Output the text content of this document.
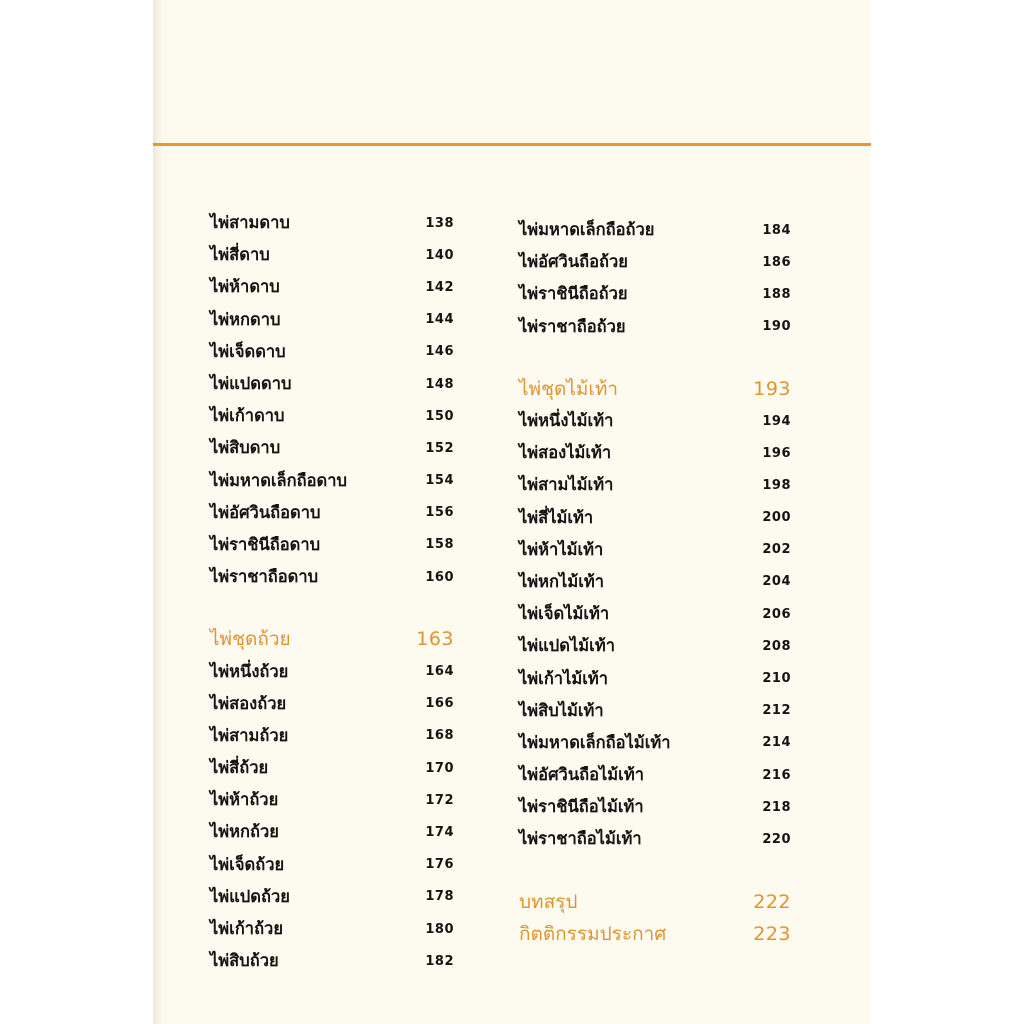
ไพ่สามดาบ	138
ไพ่สี่ดาบ	140
ไพ่ห้าดาบ	142
ไพ่หกดาบ	144
ไพ่เจ็ดดาบ	146
ไพ่แปดดาบ	148
ไพ่เก้าดาบ	150
ไพ่สิบดาบ	152
ไพ่มหาดเล็กถือดาบ	154
ไพ่อัศวินถือดาบ	156
ไพ่ราชินีถือดาบ	158
ไพ่ราชาถือดาบ	160
ไพ่ชุดถ้วย	163
ไพ่หนึ่งถ้วย	164
ไพ่สองถ้วย	166
ไพ่สามถ้วย	168
ไพ่สี่ถ้วย	170
ไพ่ห้าถ้วย	172
ไพ่หกถ้วย	174
ไพ่เจ็ดถ้วย	176
ไพ่แปดถ้วย	178
ไพ่เก้าถ้วย	180
ไพ่สิบถ้วย	182
ไพ่มหาดเล็กถือถ้วย	184
ไพ่อัศวินถือถ้วย	186
ไพ่ราชินีถือถ้วย	188
ไพ่ราชาถือถ้วย	190
ไพ่ชุดไม้เท้า	193
ไพ่หนึ่งไม้เท้า	194
ไพ่สองไม้เท้า	196
ไพ่สามไม้เท้า	198
ไพ่สี่ไม้เท้า	200
ไพ่ห้าไม้เท้า	202
ไพ่หกไม้เท้า	204
ไพ่เจ็ดไม้เท้า	206
ไพ่แปดไม้เท้า	208
ไพ่เก้าไม้เท้า	210
ไพ่สิบไม้เท้า	212
ไพ่มหาดเล็กถือไม้เท้า	214
ไพ่อัศวินถือไม้เท้า	216
ไพ่ราชินีถือไม้เท้า	218
ไพ่ราชาถือไม้เท้า	220
บทสรุป	222
กิตติกรรมประกาศ	223
